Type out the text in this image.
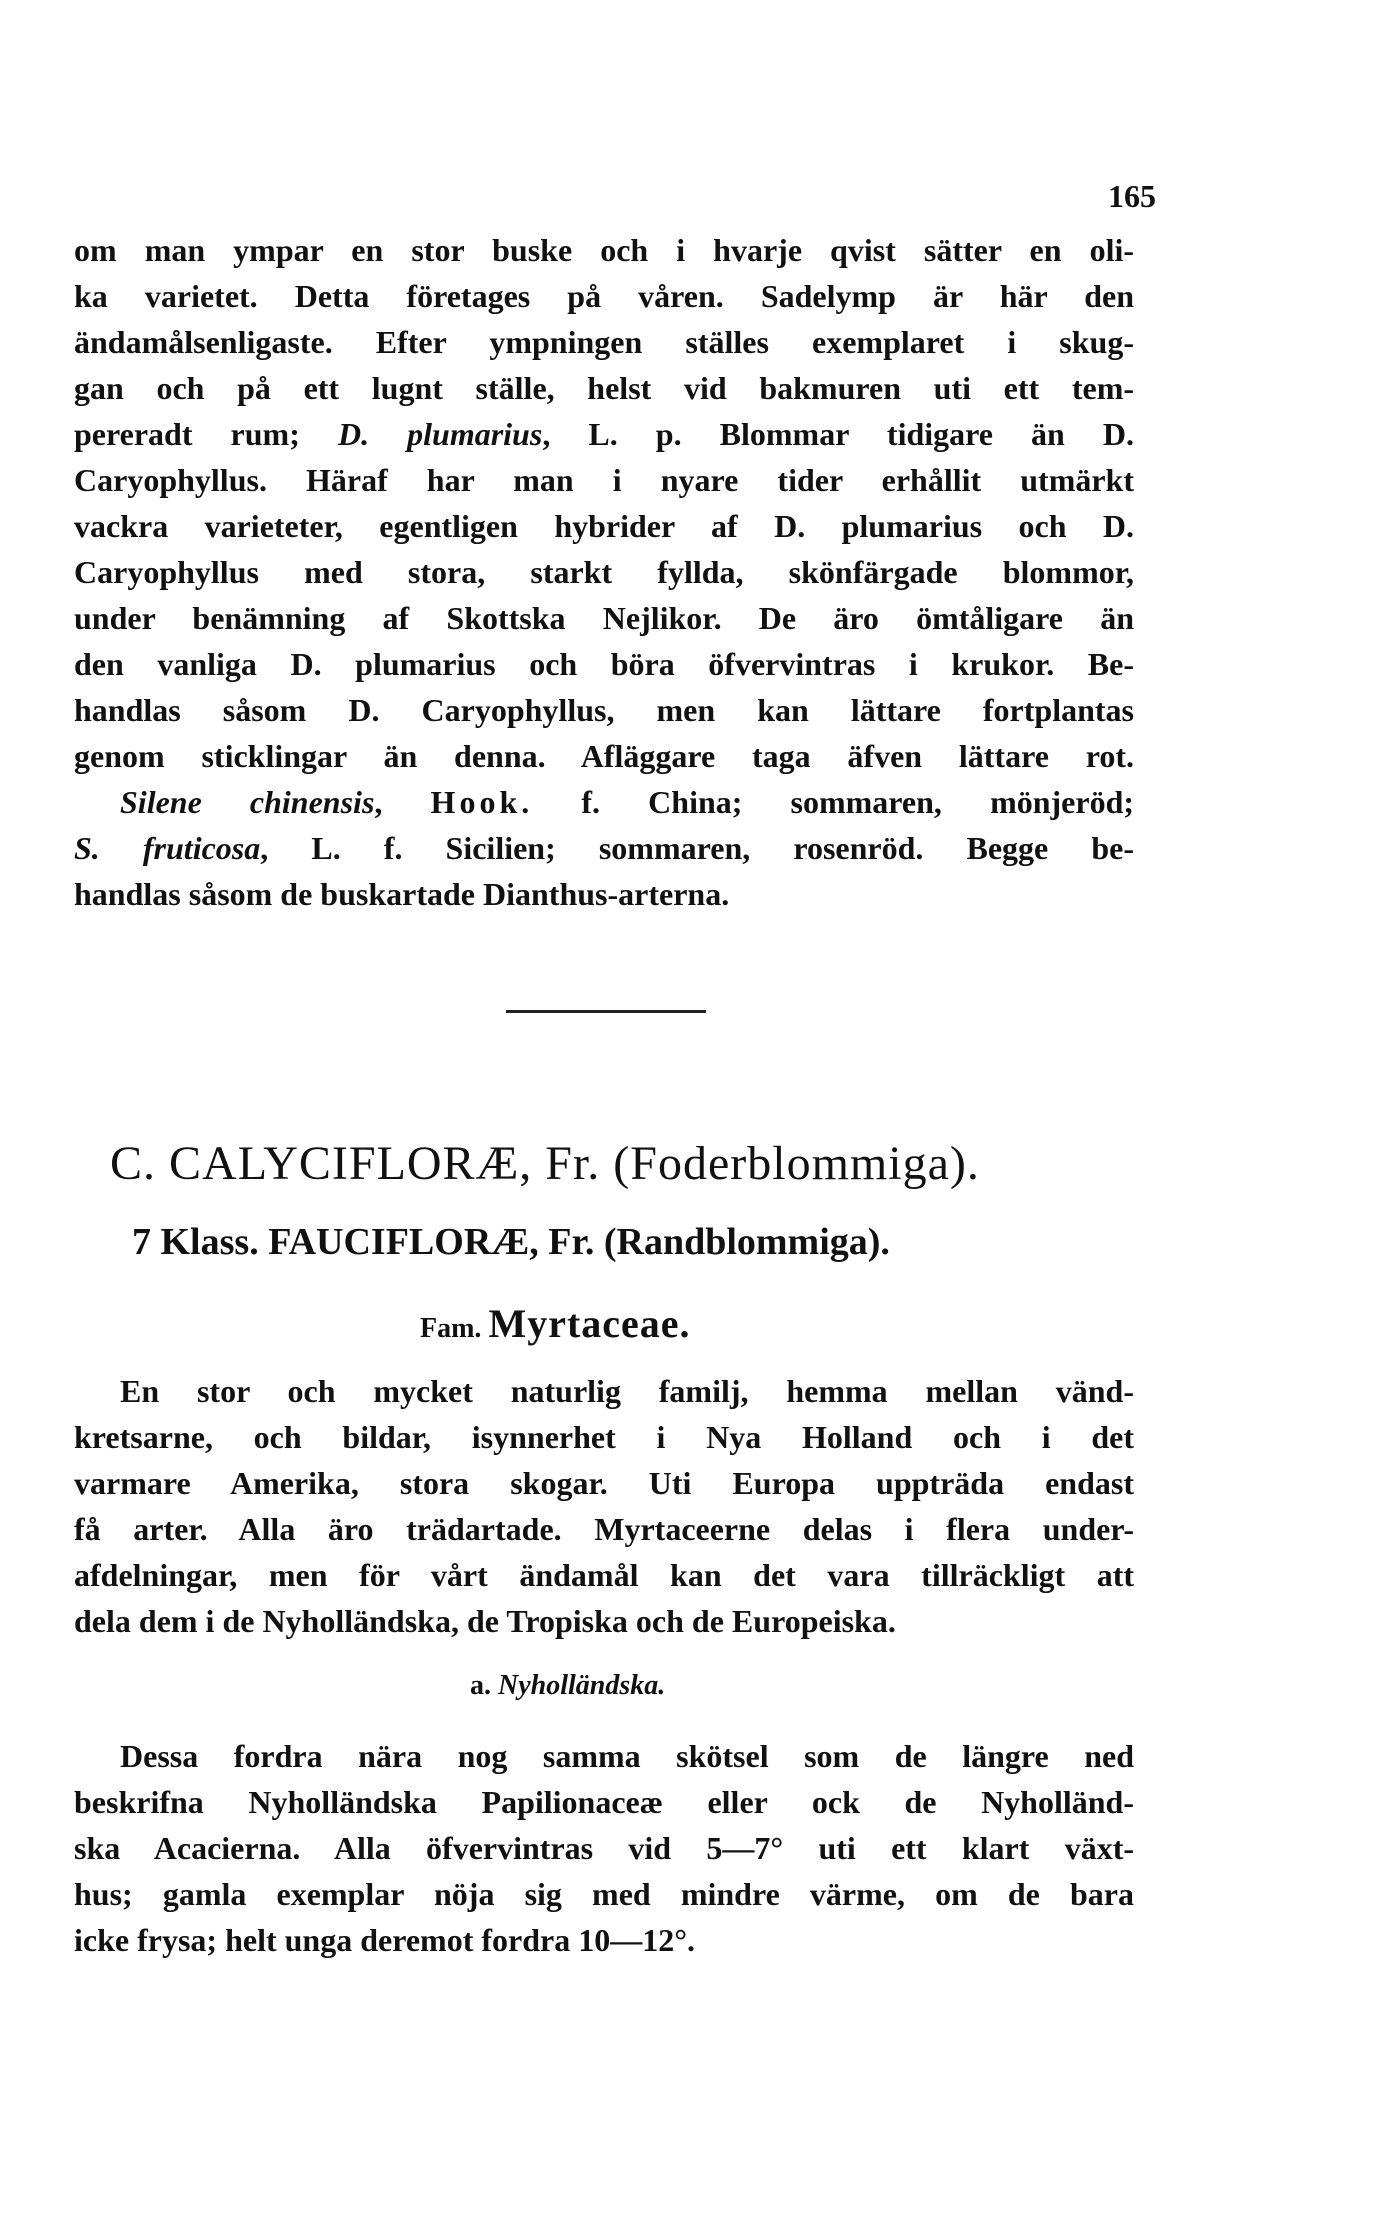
165
om man ympar en stor buske och i hvarje qvist sätter en oli-
ka varietet. Detta företages på våren. Sadelymp är här den
ändamålsenligaste. Efter ympningen ställes exemplaret i skug-
gan och på ett lugnt ställe, helst vid bakmuren uti ett tem-
pereradt rum; D. plumarius, L. p. Blommar tidigare än D.
Caryophyllus. Häraf har man i nyare tider erhållit utmärkt
vackra varieteter, egentligen hybrider af D. plumarius och D.
Caryophyllus med stora, starkt fyllda, skönfärgade blommor,
under benämning af Skottska Nejlikor. De äro ömtåligare än
den vanliga D. plumarius och böra öfvervintras i krukor. Be-
handlas såsom D. Caryophyllus, men kan lättare fortplantas
genom sticklingar än denna. Afläggare taga äfven lättare rot.
Silene chinensis, Hook. f. China; sommaren, mönjeröd;
S. fruticosa, L. f. Sicilien; sommaren, rosenröd. Begge be-
handlas såsom de buskartade Dianthus-arterna.
C. CALYCIFLORÆ, Fr. (Foderblommiga).
7 Klass. FAUCIFLORÆ, Fr. (Randblommiga).
Fam. Myrtaceae.
En stor och mycket naturlig familj, hemma mellan vänd-
kretsarne, och bildar, isynnerhet i Nya Holland och i det
varmare Amerika, stora skogar. Uti Europa uppträda endast
få arter. Alla äro trädartade. Myrtaceerne delas i flera under-
afdelningar, men för vårt ändamål kan det vara tillräckligt att
dela dem i de Nyholländska, de Tropiska och de Europeiska.
a. Nyholländska.
Dessa fordra nära nog samma skötsel som de längre ned
beskrifna Nyholländska Papilionaceæ eller ock de Nyholländ-
ska Acacierna. Alla öfvervintras vid 5—7° uti ett klart växt-
hus; gamla exemplar nöja sig med mindre värme, om de bara
icke frysa; helt unga deremot fordra 10—12°.
